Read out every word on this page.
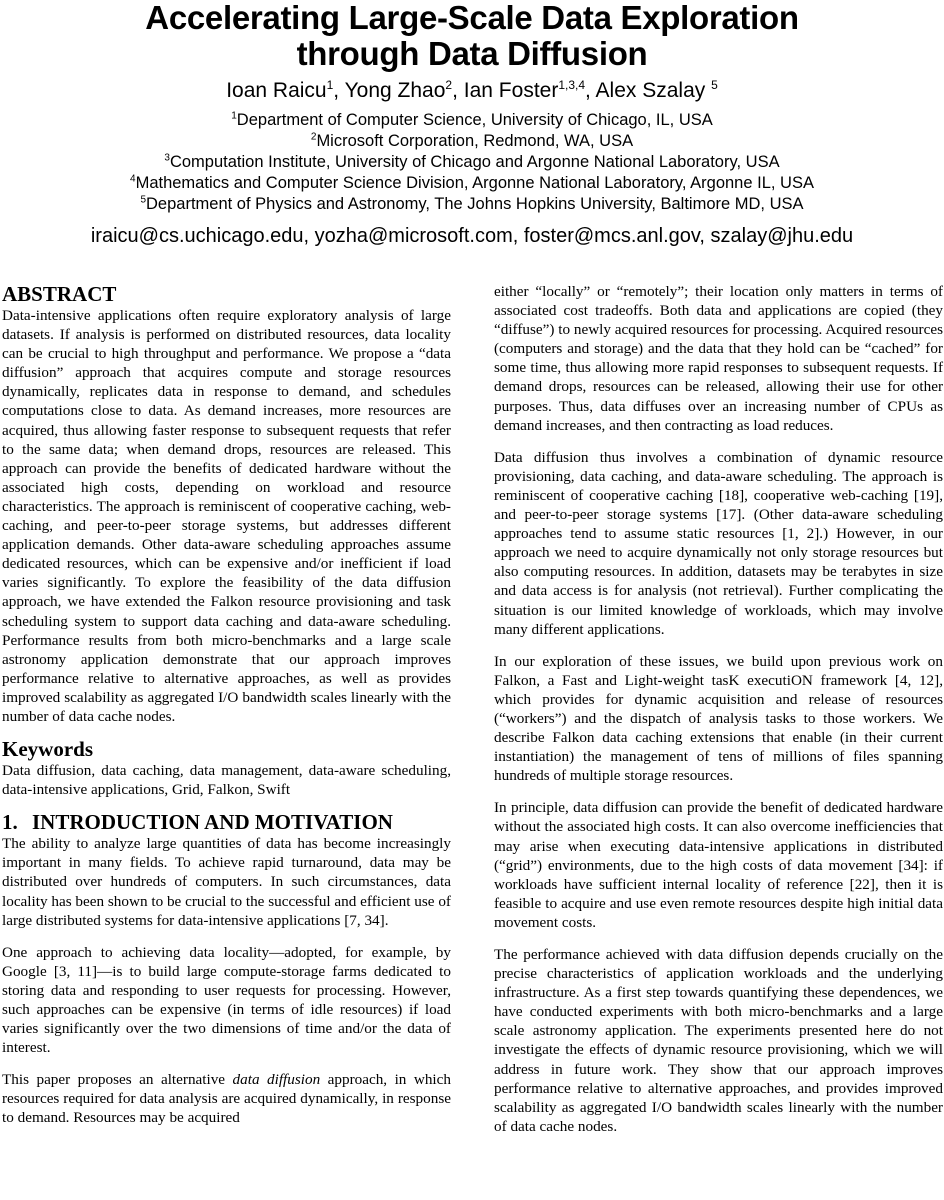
Accelerating Large-Scale Data Exploration
through Data Diffusion
Ioan Raicu$^1$, Yong Zhao$^2$, Ian Foster$^{1,3,4}$, Alex Szalay $^5$
$^1$Department of Computer Science, University of Chicago, IL, USA
$^2$Microsoft Corporation, Redmond, WA, USA
$^3$Computation Institute, University of Chicago and Argonne National Laboratory, USA
$^4$Mathematics and Computer Science Division, Argonne National Laboratory, Argonne IL, USA
$^5$Department of Physics and Astronomy, The Johns Hopkins University, Baltimore MD, USA
iraicu@cs.uchicago.edu, yozha@microsoft.com, foster@mcs.anl.gov, szalay@jhu.edu
ABSTRACT

Data-intensive applications often require exploratory analysis of large datasets. If analysis is performed on distributed resources, data locality can be crucial to high throughput and performance. We propose a “data diffusion” approach that acquires compute and storage resources dynamically, replicates data in response to demand, and schedules computations close to data. As demand increases, more resources are acquired, thus allowing faster response to subsequent requests that refer to the same data; when demand drops, resources are released. This approach can provide the benefits of dedicated hardware without the associated high costs, depending on workload and resource characteristics. The approach is reminiscent of cooperative caching, web-caching, and peer-to-peer storage systems, but addresses different application demands. Other data-aware scheduling approaches assume dedicated resources, which can be expensive and/or inefficient if load varies significantly. To explore the feasibility of the data diffusion approach, we have extended the Falkon resource provisioning and task scheduling system to support data caching and data-aware scheduling. Performance results from both micro-benchmarks and a large scale astronomy application demonstrate that our approach improves performance relative to alternative approaches, as well as provides improved scalability as aggregated I/O bandwidth scales linearly with the number of data cache nodes.

Keywords

Data diffusion, data caching, data management, data-aware scheduling, data-intensive applications, Grid, Falkon, Swift

1. INTRODUCTION AND MOTIVATION

The ability to analyze large quantities of data has become increasingly important in many fields. To achieve rapid turnaround, data may be distributed over hundreds of computers. In such circumstances, data locality has been shown to be crucial to the successful and efficient use of large distributed systems for data-intensive applications [7, 34].

One approach to achieving data locality—adopted, for example, by Google [3, 11]—is to build large compute-storage farms dedicated to storing data and responding to user requests for processing. However, such approaches can be expensive (in terms of idle resources) if load varies significantly over the two dimensions of time and/or the data of interest.

This paper proposes an alternative data diffusion approach, in which resources required for data analysis are acquired dynamically, in response to demand. Resources may be acquired

either “locally” or “remotely”; their location only matters in terms of associated cost tradeoffs. Both data and applications are copied (they “diffuse”) to newly acquired resources for processing. Acquired resources (computers and storage) and the data that they hold can be “cached” for some time, thus allowing more rapid responses to subsequent requests. If demand drops, resources can be released, allowing their use for other purposes. Thus, data diffuses over an increasing number of CPUs as demand increases, and then contracting as load reduces.

Data diffusion thus involves a combination of dynamic resource provisioning, data caching, and data-aware scheduling. The approach is reminiscent of cooperative caching [18], cooperative web-caching [19], and peer-to-peer storage systems [17]. (Other data-aware scheduling approaches tend to assume static resources [1, 2].) However, in our approach we need to acquire dynamically not only storage resources but also computing resources. In addition, datasets may be terabytes in size and data access is for analysis (not retrieval). Further complicating the situation is our limited knowledge of workloads, which may involve many different applications.

In our exploration of these issues, we build upon previous work on Falkon, a Fast and Light-weight tasK executiON framework [4, 12], which provides for dynamic acquisition and release of resources (“workers”) and the dispatch of analysis tasks to those workers. We describe Falkon data caching extensions that enable (in their current instantiation) the management of tens of millions of files spanning hundreds of multiple storage resources.

In principle, data diffusion can provide the benefit of dedicated hardware without the associated high costs. It can also overcome inefficiencies that may arise when executing data-intensive applications in distributed (“grid”) environments, due to the high costs of data movement [34]: if workloads have sufficient internal locality of reference [22], then it is feasible to acquire and use even remote resources despite high initial data movement costs.

The performance achieved with data diffusion depends crucially on the precise characteristics of application workloads and the underlying infrastructure. As a first step towards quantifying these dependences, we have conducted experiments with both micro-benchmarks and a large scale astronomy application. The experiments presented here do not investigate the effects of dynamic resource provisioning, which we will address in future work. They show that our approach improves performance relative to alternative approaches, and provides improved scalability as aggregated I/O bandwidth scales linearly with the number of data cache nodes.
